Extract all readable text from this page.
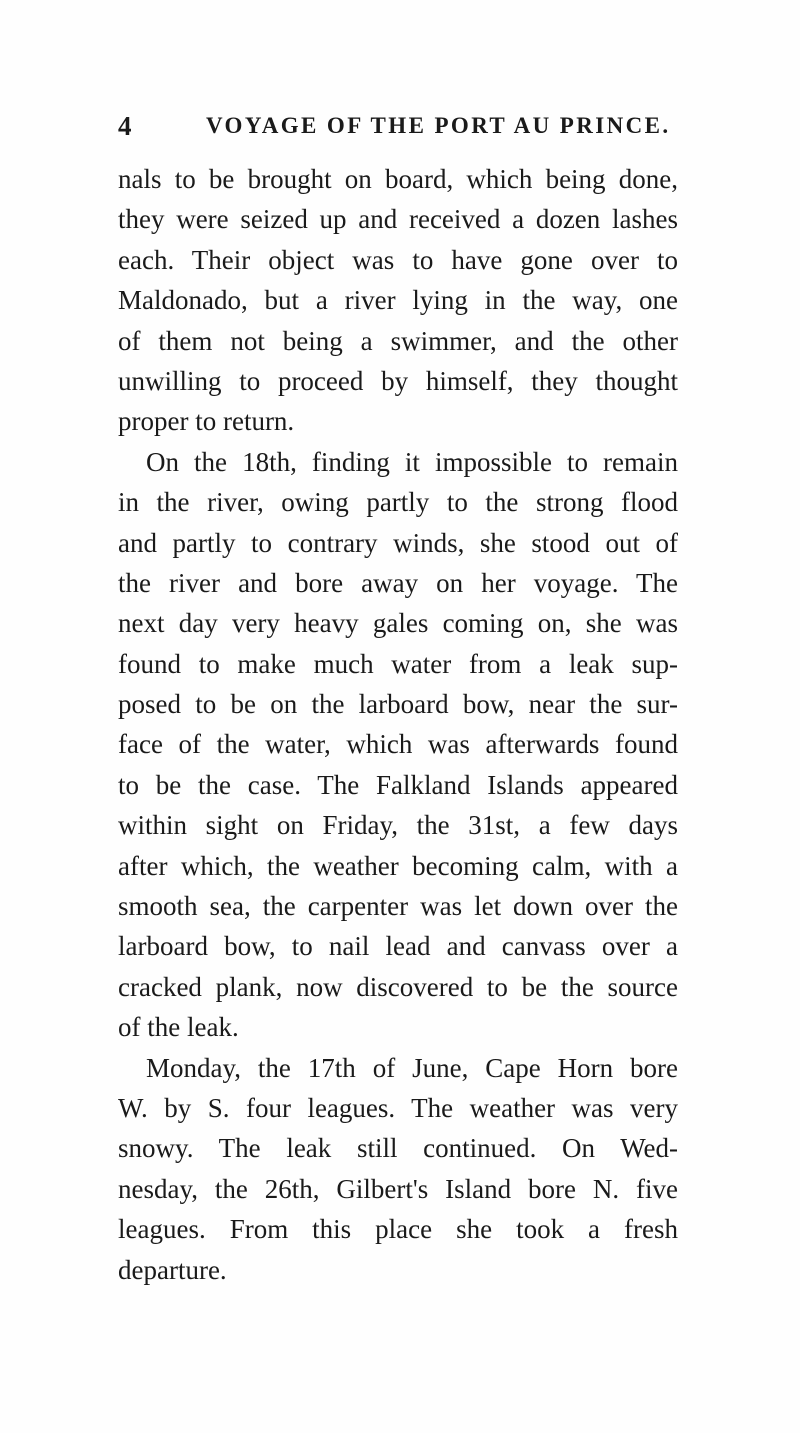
4	VOYAGE OF THE PORT AU PRINCE.
nals to be brought on board, which being done,
they were seized up and received a dozen lashes
each. Their object was to have gone over to
Maldonado, but a river lying in the way, one
of them not being a swimmer, and the other
unwilling to proceed by himself, they thought
proper to return.
On the 18th, finding it impossible to remain
in the river, owing partly to the strong flood
and partly to contrary winds, she stood out of
the river and bore away on her voyage. The
next day very heavy gales coming on, she was
found to make much water from a leak sup-
posed to be on the larboard bow, near the sur-
face of the water, which was afterwards found
to be the case. The Falkland Islands appeared
within sight on Friday, the 31st, a few days
after which, the weather becoming calm, with a
smooth sea, the carpenter was let down over the
larboard bow, to nail lead and canvass over a
cracked plank, now discovered to be the source
of the leak.
Monday, the 17th of June, Cape Horn bore
W. by S. four leagues. The weather was very
snowy. The leak still continued. On Wed-
nesday, the 26th, Gilbert's Island bore N. five
leagues. From this place she took a fresh
departure.
